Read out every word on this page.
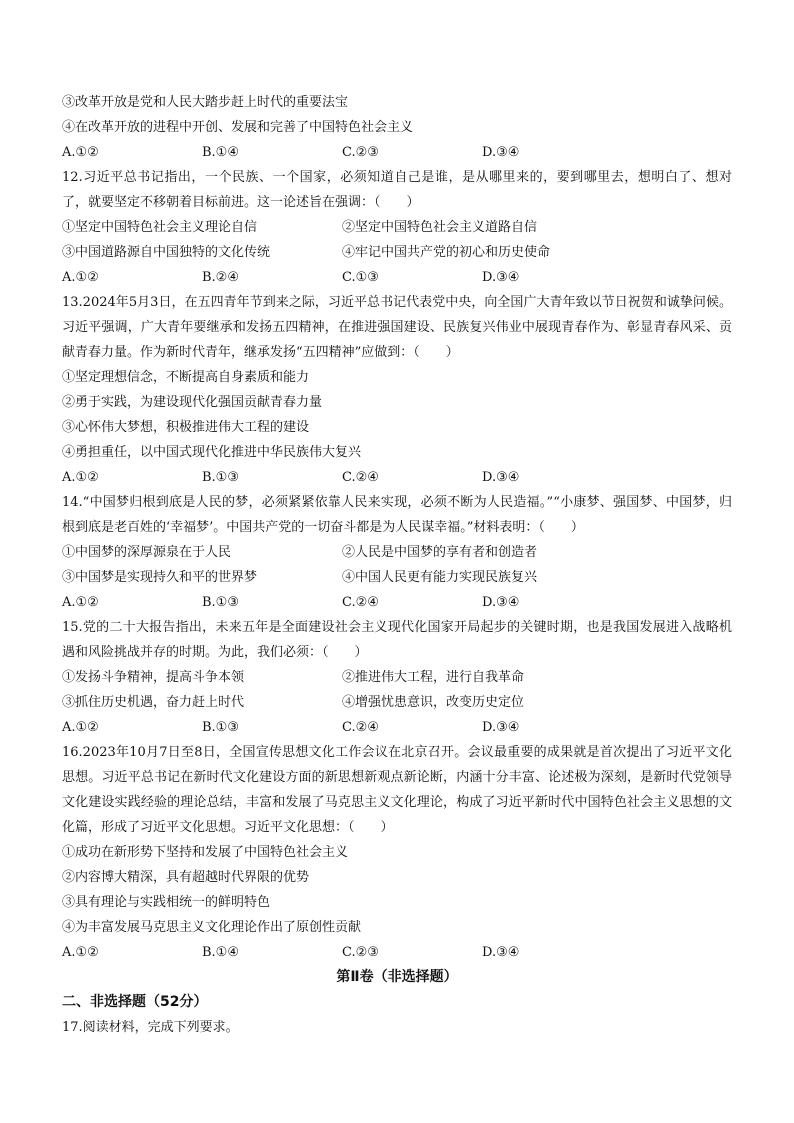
③改革开放是党和人民大踏步赶上时代的重要法宝
④在改革开放的进程中开创、发展和完善了中国特色社会主义
A.①②	B.①④	C.②③	D.③④
12.习近平总书记指出，一个民族、一个国家，必须知道自己是谁，是从哪里来的，要到哪里去，想明白了、想对了，就要坚定不移朝着目标前进。这一论述旨在强调：（　　）
①坚定中国特色社会主义理论自信	②坚定中国特色社会主义道路自信
③中国道路源自中国独特的文化传统	④牢记中国共产党的初心和历史使命
A.①②	B.②④	C.①③	D.③④
13.2024年5月3日，在五四青年节到来之际，习近平总书记代表党中央，向全国广大青年致以节日祝贺和诚挚问候。习近平强调，广大青年要继承和发扬五四精神，在推进强国建设、民族复兴伟业中展现青春作为、彰显青春风采、贡献青春力量。作为新时代青年，继承发扬“五四精神”应做到：（　　）
①坚定理想信念，不断提高自身素质和能力
②勇于实践，为建设现代化强国贡献青春力量
③心怀伟大梦想，积极推进伟大工程的建设
④勇担重任，以中国式现代化推进中华民族伟大复兴
A.①②	B.①③	C.②④	D.③④
14.“中国梦归根到底是人民的梦，必须紧紧依靠人民来实现，必须不断为人民造福。”“小康梦、强国梦、中国梦，归根到底是老百姓的‘幸福梦’。中国共产党的一切奋斗都是为人民谋幸福。”材料表明：（　　）
①中国梦的深厚源泉在于人民	②人民是中国梦的享有者和创造者
③中国梦是实现持久和平的世界梦	④中国人民更有能力实现民族复兴
A.①②	B.①③	C.②④	D.③④
15.党的二十大报告指出，未来五年是全面建设社会主义现代化国家开局起步的关键时期，也是我国发展进入战略机遇和风险挑战并存的时期。为此，我们必须：（　　）
①发扬斗争精神，提高斗争本领	②推进伟大工程，进行自我革命
③抓住历史机遇，奋力赶上时代	④增强忧患意识，改变历史定位
A.①②	B.①③	C.②④	D.③④
16.2023年10月7日至8日，全国宣传思想文化工作会议在北京召开。会议最重要的成果就是首次提出了习近平文化思想。习近平总书记在新时代文化建设方面的新思想新观点新论断，内涵十分丰富、论述极为深刻，是新时代党领导文化建设实践经验的理论总结，丰富和发展了马克思主义文化理论，构成了习近平新时代中国特色社会主义思想的文化篇，形成了习近平文化思想。习近平文化思想：（　　）
①成功在新形势下坚持和发展了中国特色社会主义
②内容博大精深，具有超越时代界限的优势
③具有理论与实践相统一的鲜明特色
④为丰富发展马克思主义文化理论作出了原创性贡献
A.①②	B.①④	C.②③	D.③④
第Ⅱ卷（非选择题）
二、非选择题（52分）
17.阅读材料，完成下列要求。
